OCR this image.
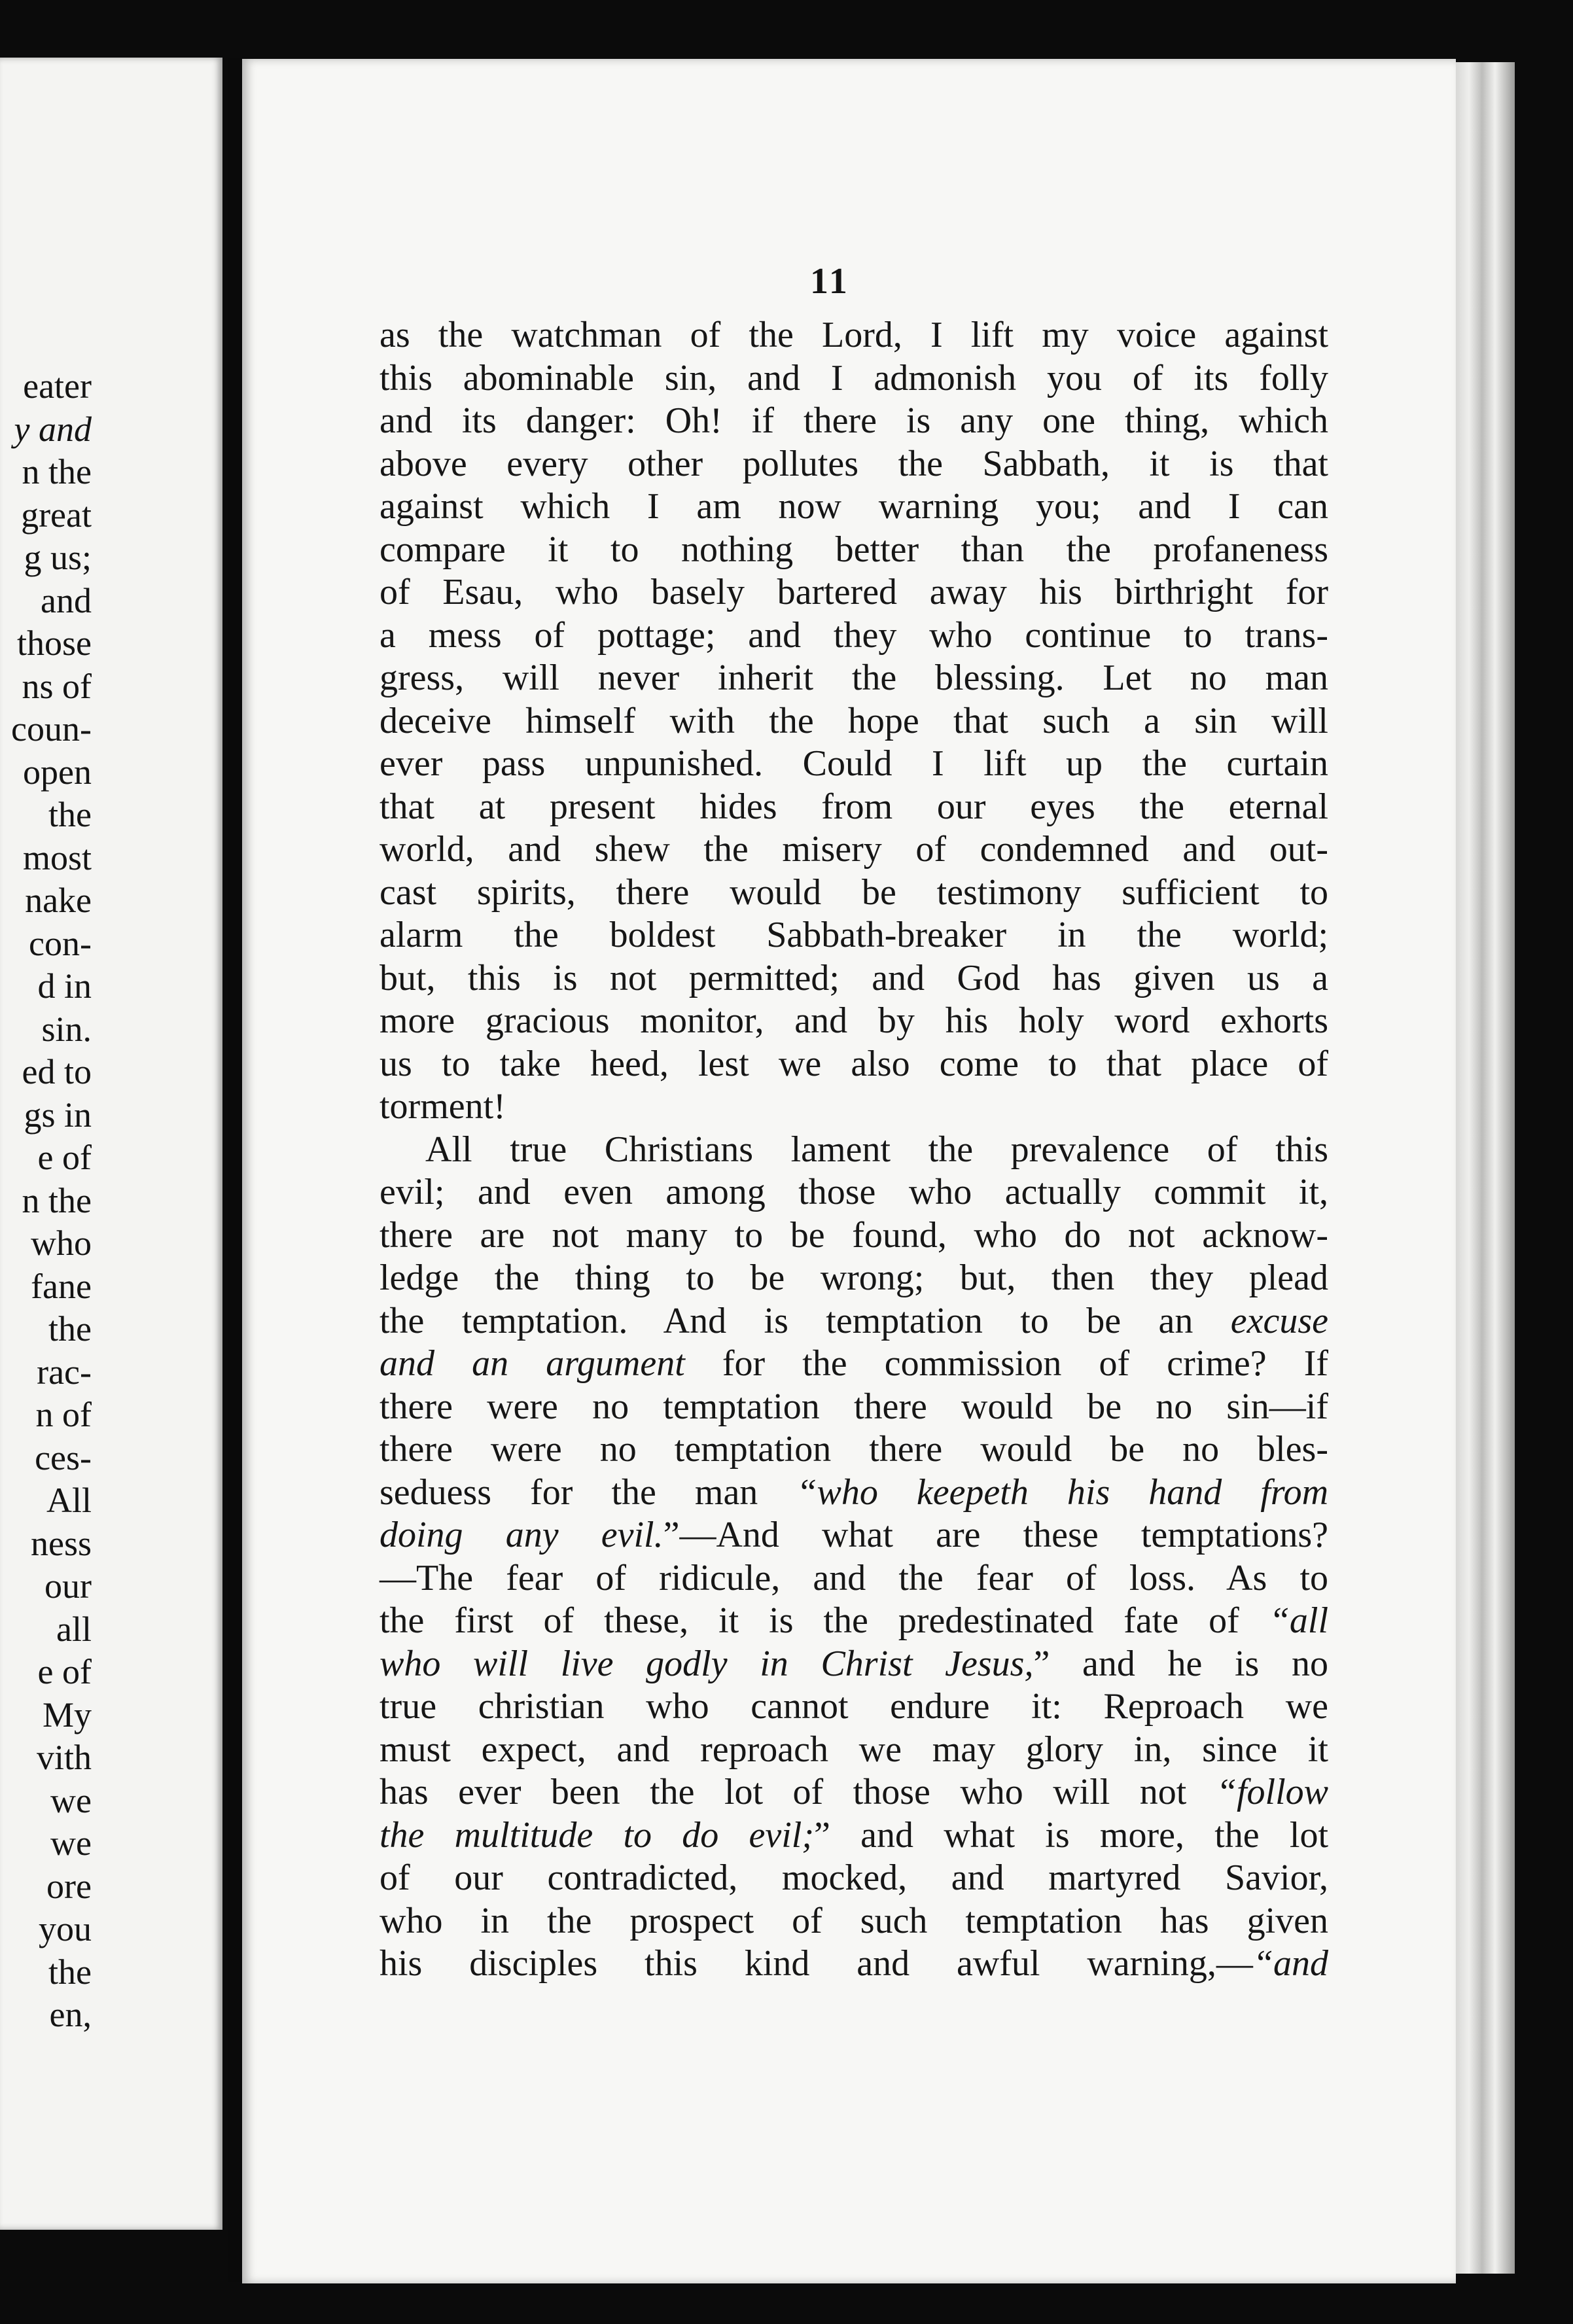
eater
y and
n the
great
g us;
and
those
ns of
coun-
open
the
most
nake
con-
d in
sin.
ed to
gs in
e of
n the
who
fane
the
rac-
n of
ces-
All
ness
our
all
e of
My
vith
we
we
ore
you
the
en,
11
as the watchman of the Lord, I lift my voice against
this abominable sin, and I admonish you of its folly
and its danger: Oh! if there is any one thing, which
above every other pollutes the Sabbath, it is that
against which I am now warning you; and I can
compare it to nothing better than the profaneness
of Esau, who basely bartered away his birthright for
a mess of pottage; and they who continue to trans-
gress, will never inherit the blessing. Let no man
deceive himself with the hope that such a sin will
ever pass unpunished. Could I lift up the curtain
that at present hides from our eyes the eternal
world, and shew the misery of condemned and out-
cast spirits, there would be testimony sufficient to
alarm the boldest Sabbath-breaker in the world;
but, this is not permitted; and God has given us a
more gracious monitor, and by his holy word exhorts
us to take heed, lest we also come to that place of
torment!
All true Christians lament the prevalence of this
evil; and even among those who actually commit it,
there are not many to be found, who do not acknow-
ledge the thing to be wrong; but, then they plead
the temptation. And is temptation to be an excuse
and an argument for the commission of crime? If
there were no temptation there would be no sin—if
there were no temptation there would be no bles-
seduess for the man “who keepeth his hand from
doing any evil.”—And what are these temptations?
—The fear of ridicule, and the fear of loss. As to
the first of these, it is the predestinated fate of “all
who will live godly in Christ Jesus,” and he is no
true christian who cannot endure it: Reproach we
must expect, and reproach we may glory in, since it
has ever been the lot of those who will not “follow
the multitude to do evil;” and what is more, the lot
of our contradicted, mocked, and martyred Savior,
who in the prospect of such temptation has given
his disciples this kind and awful warning,—“and
